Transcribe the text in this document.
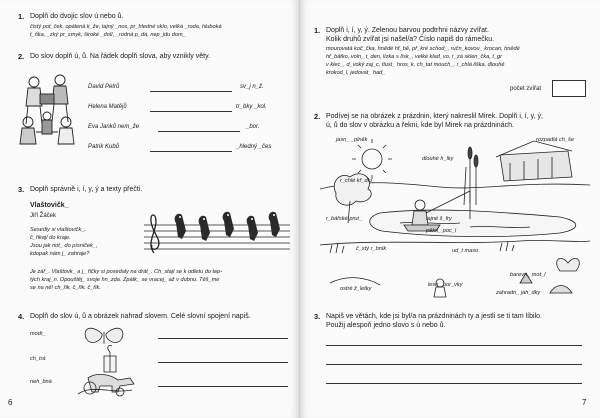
1. Doplň do dvojic slov ú nebo ů.
čistý pot_ček, opálená k_že, tajný _nos, pr_hledné sklo, velká _roda, hluboká
t_ńka, _zký pr_smyk, široké _dolí, _rodná p_da, nep_jdu dom_
2. Do slov doplň ú, ů. Na řádek doplň slova, aby vznikly věty.
David Petrů	sv_j n_ž.
Helena Matějů	tr_bky _kol.
Eva Janků nem_že	_bor.
Patrik Kubů	_hledný _čes
3. Doplň správně i, í, y, ý a texty přečti.
Vlaštovičk_
Jiří Žáček
Sesedly si vlaštovičk_,
č_řikají do kraje.
Jsou jak not_ do písniček_,
kdopak nám j_ zahraje?
Je zář_. Vlaštovk_ a j_ řičky si posedaly na drát_. Ch_stají se k odletu do tep-
lých kraj_n. Opouštěj_ svoje hn_zda. Zpátk_ se vracej_ až v dubnu. Těš_me
se na ně! ch_řik, č_řik, č_řik.
4. Doplň do slov ú, ů a obrázek nahraď slovem. Celé slovní spojení napiš.
modr_
ch_trá
neh_bná
6
1. Doplň i, í, y, ý. Zelenou barvou podtrhni názvy zvířat.
Kolik druhů zvířat jsi našel/a? Číslo napiš do rámečku.
mourovatá koč_čka, hnědé hř_bě, př_kré schod_, ručn_kovou_ krocan, hnědé
hř_bátko, voln_ t_den, lízka s lísk_, velké klad_vo, r_zá sklen_čka, t_gr
v klec_, d_voký zaj_c, tlust_ hros_k, ch_tat mouch_, r_chlá liška, dlouhé
krokod_l, jedovat_ had_
počet zvířat
2. Podívej se na obrázek z prázdnin, který nakreslil Mirek. Doplň i, í, y, ý,
ú, ů do slov v obrázku a řekni, kde byl Mirek na prázdninách.
jasn_ _plněk
dlouhé h_lky
rozpadlá ch_še
r_chlé kř_dlo
r_bářské prut_	tajné š_fry
pěkn_ poc_l
č_stý r_bník	ud_t maso
ostré ž_letky
barevn_ mot_l
lesn_ bor_vky
zahradn_ jah_dky
3. Napiš ve větách, kde jsi byl/a na prázdninách ty a jestli se ti tam líbilo.
Použij alespoň jedno slovo s ú nebo ů.
7
